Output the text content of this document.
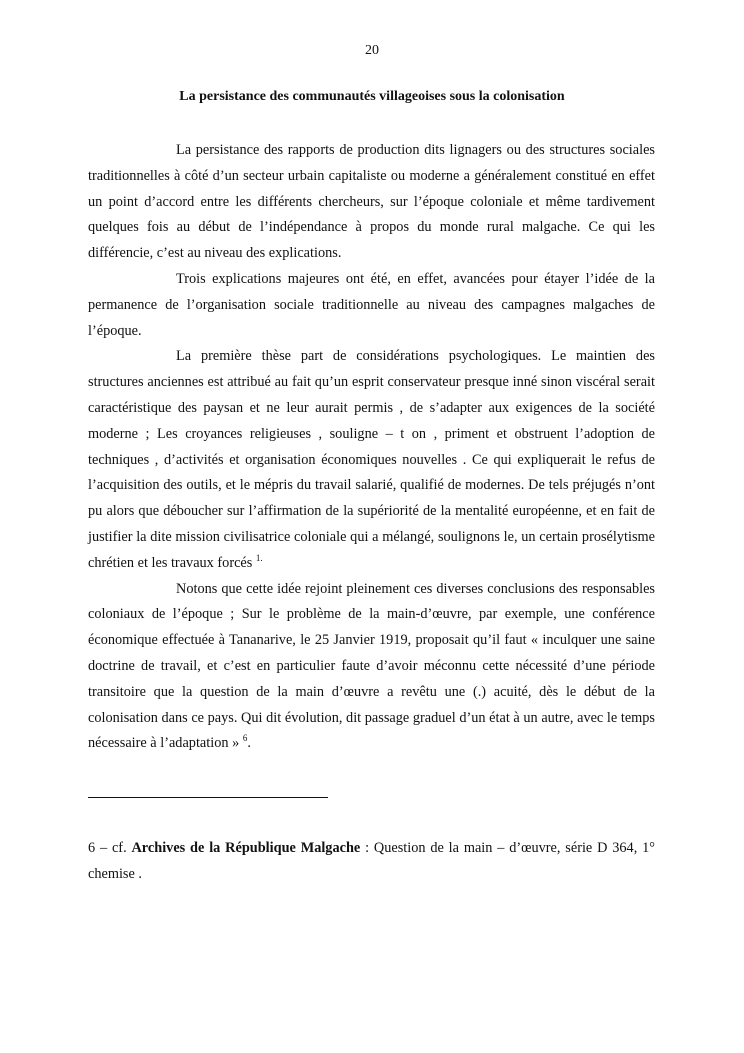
20
La persistance des communautés villageoises sous la colonisation

La persistance des rapports de production dits lignagers ou des structures sociales traditionnelles à côté d’un secteur urbain capitaliste ou moderne a généralement constitué en effet un point d’accord entre les différents chercheurs, sur l’époque coloniale et même tardivement quelques fois au début de l’indépendance à propos du monde rural malgache. Ce qui les différencie, c’est au niveau des explications.

Trois explications majeures ont été, en effet, avancées pour étayer l’idée de la permanence de l’organisation sociale traditionnelle au niveau des campagnes malgaches de l’époque.

La première thèse part de considérations psychologiques. Le maintien des structures anciennes est attribué au fait qu’un esprit conservateur presque inné sinon viscéral serait caractéristique des paysan et ne leur aurait permis , de s’adapter aux exigences de la société moderne ; Les croyances religieuses , souligne – t on , priment et obstruent l’adoption de techniques , d’activités et organisation économiques nouvelles . Ce qui expliquerait le refus de l’acquisition des outils, et le mépris du travail salarié, qualifié de modernes. De tels préjugés n’ont pu alors que déboucher sur l’affirmation de la supériorité de la mentalité européenne, et en fait de justifier la dite mission civilisatrice coloniale qui a mélangé, soulignons le, un certain prosélytisme chrétien et les travaux forcés $^{1.}$

Notons que cette idée rejoint pleinement ces diverses conclusions des responsables coloniaux de l’époque ; Sur le problème de la main-d’œuvre, par exemple, une conférence économique effectuée à Tananarive, le 25 Janvier 1919, proposait qu’il faut « inculquer une saine doctrine de travail, et c’est en particulier faute d’avoir méconnu cette nécessité d’une période transitoire que la question de la main d’œuvre a revêtu une (.) acuité, dès le début de la colonisation dans ce pays. Qui dit évolution, dit passage graduel d’un état à un autre, avec le temps nécessaire à l’adaptation » $^6$.

6 – cf. Archives de la République Malgache : Question de la main – d’œuvre, série D 364, 1° chemise .
